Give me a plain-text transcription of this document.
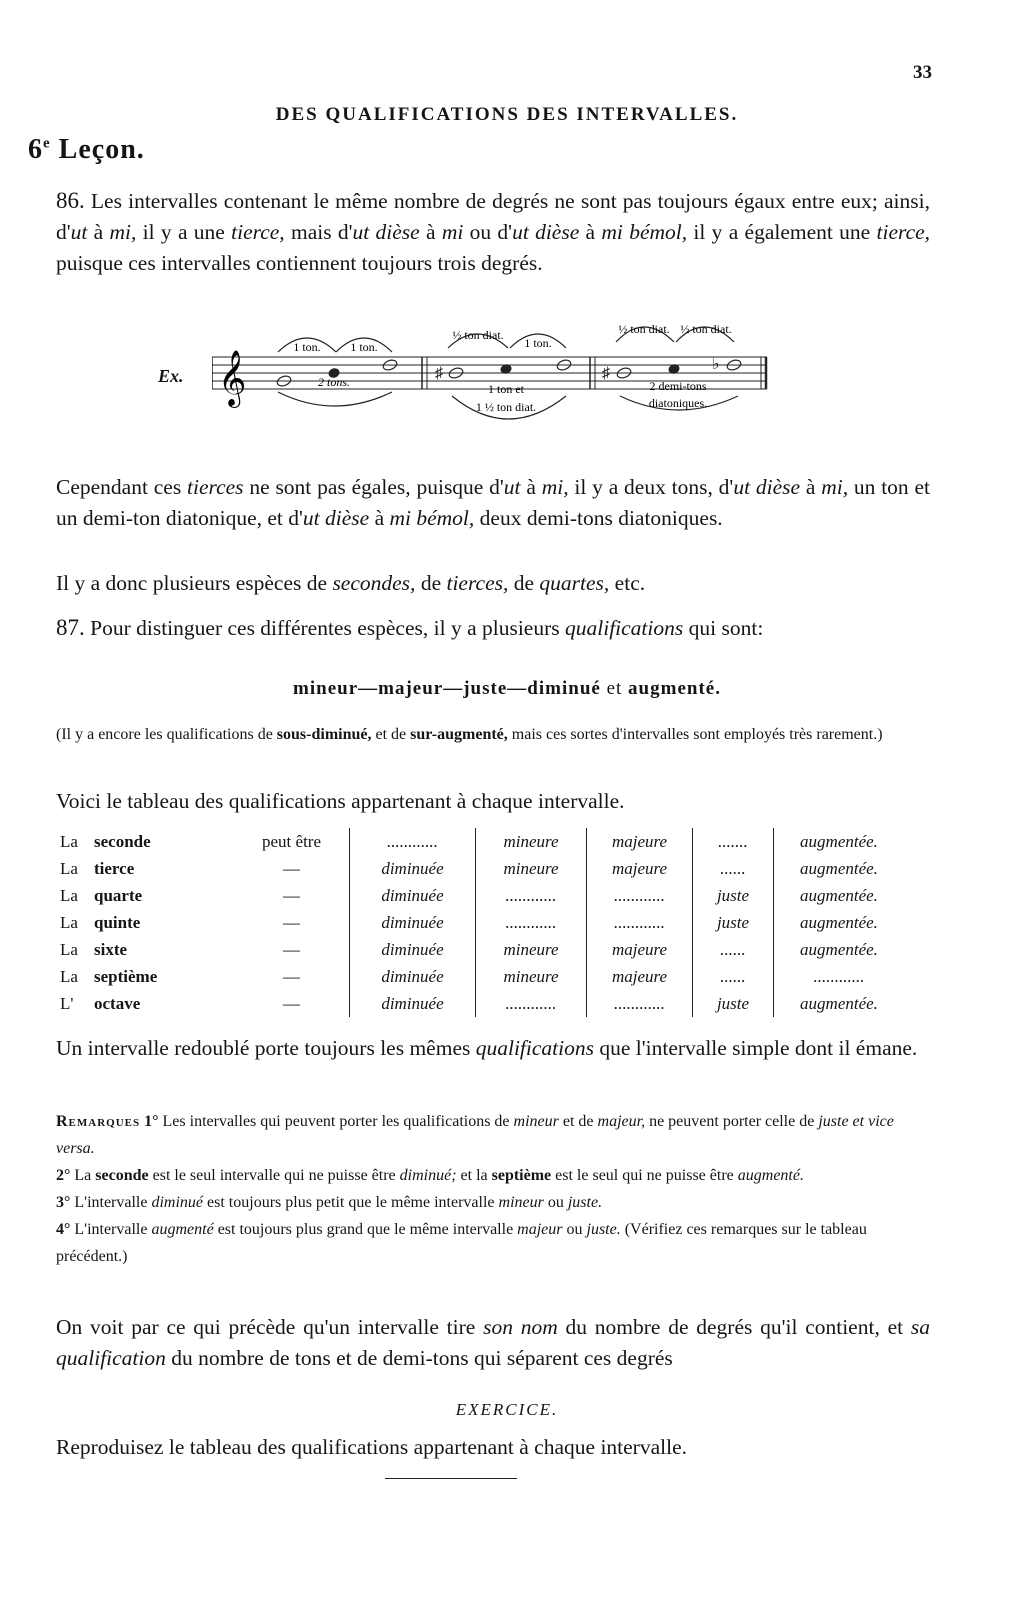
33
DES QUALIFICATIONS DES INTERVALLES.
6e Leçon.
86. Les intervalles contenant le même nombre de degrés ne sont pas toujours égaux entre eux; ainsi, d'ut à mi, il y a une tierce, mais d'ut dièse à mi ou d'ut dièse à mi bémol, il y a également une tierce, puisque ces intervalles contiennent toujours trois degrés.
Ex. 𝄞
1 ton. 1 ton.
2 tons.	♯
½ ton diat.
1 ton.
1 ton et
1 ½ ton diat.
♯
♭
½ ton diat. ½ ton diat.
2 demi-tons
diatoniques.
Cependant ces tierces ne sont pas égales, puisque d'ut à mi, il y a deux tons, d'ut dièse à mi, un ton et un demi-ton diatonique, et d'ut dièse à mi bémol, deux demi-tons diatoniques.
Il y a donc plusieurs espèces de secondes, de tierces, de quartes, etc.
87. Pour distinguer ces différentes espèces, il y a plusieurs qualifications qui sont:
mineur—majeur—juste—diminué et augmenté.
(Il y a encore les qualifications de sous-diminué, et de sur-augmenté, mais ces sortes d'intervalles sont employés très rarement.)
Voici le tableau des qualifications appartenant à chaque intervalle.
La	seconde	peut être	............	mineure	majeure	.......	augmentée.
La	tierce	—	diminuée	mineure	majeure	......	augmentée.
La	quarte	—	diminuée	............	............	juste	augmentée.
La	quinte	—	diminuée	............	............	juste	augmentée.
La	sixte	—	diminuée	mineure	majeure	......	augmentée.
La	septième	—	diminuée	mineure	majeure	......	............
L'	octave	—	diminuée	............	............	juste	augmentée.
Un intervalle redoublé porte toujours les mêmes qualifications que l'intervalle simple dont il émane.

Remarques 1° Les intervalles qui peuvent porter les qualifications de mineur et de majeur, ne peuvent porter celle de juste et vice versa.

2° La seconde est le seul intervalle qui ne puisse être diminué; et la septième est le seul qui ne puisse être augmenté.

3° L'intervalle diminué est toujours plus petit que le même intervalle mineur ou juste.

4° L'intervalle augmenté est toujours plus grand que le même intervalle majeur ou juste. (Vérifiez ces remarques sur le tableau précédent.)

On voit par ce qui précède qu'un intervalle tire son nom du nombre de degrés qu'il contient, et sa qualification du nombre de tons et de demi-tons qui séparent ces degrés
EXERCICE.
Reproduisez le tableau des qualifications appartenant à chaque intervalle.
